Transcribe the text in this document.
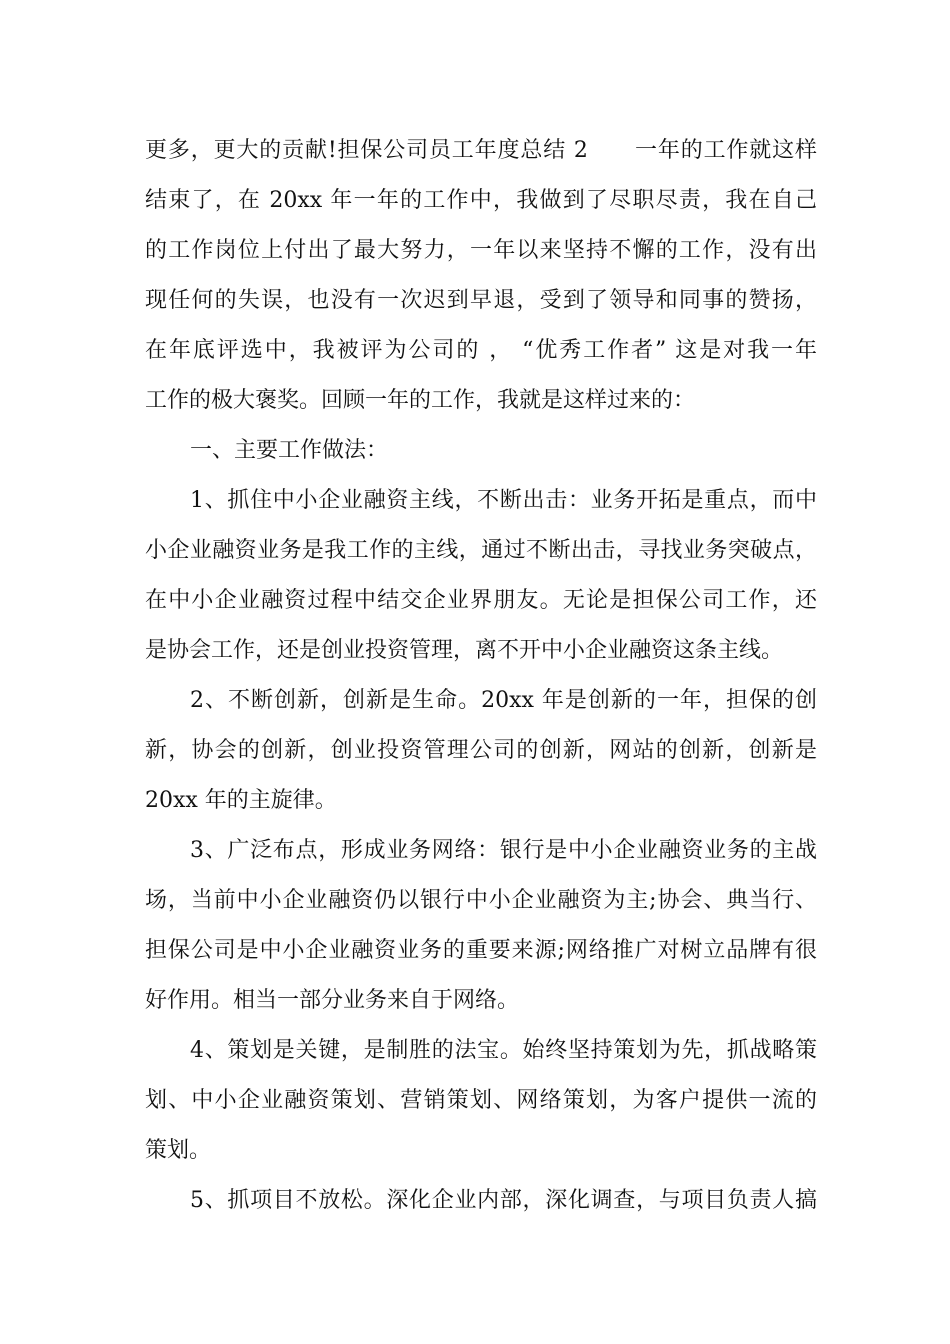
更多，更大的贡献!担保公司员工年度总结 2      一年的工作就这样
结束了，在 20xx 年一年的工作中，我做到了尽职尽责，我在自己
的工作岗位上付出了最大努力，一年以来坚持不懈的工作，没有出
现任何的失误，也没有一次迟到早退，受到了领导和同事的赞扬，
在年底评选中，我被评为公司的 ， “优秀工作者” 这是对我一年
工作的极大褒奖。回顾一年的工作，我就是这样过来的：
一、主要工作做法：
1、抓住中小企业融资主线，不断出击：业务开拓是重点，而中
小企业融资业务是我工作的主线，通过不断出击，寻找业务突破点，
在中小企业融资过程中结交企业界朋友。无论是担保公司工作，还
是协会工作，还是创业投资管理，离不开中小企业融资这条主线。
2、不断创新，创新是生命。20xx 年是创新的一年，担保的创
新，协会的创新，创业投资管理公司的创新，网站的创新，创新是
20xx 年的主旋律。
3、广泛布点，形成业务网络：银行是中小企业融资业务的主战
场，当前中小企业融资仍以银行中小企业融资为主;协会、典当行、
担保公司是中小企业融资业务的重要来源;网络推广对树立品牌有很
好作用。相当一部分业务来自于网络。
4、策划是关键，是制胜的法宝。始终坚持策划为先，抓战略策
划、中小企业融资策划、营销策划、网络策划，为客户提供一流的
策划。
5、抓项目不放松。深化企业内部，深化调查，与项目负责人搞
